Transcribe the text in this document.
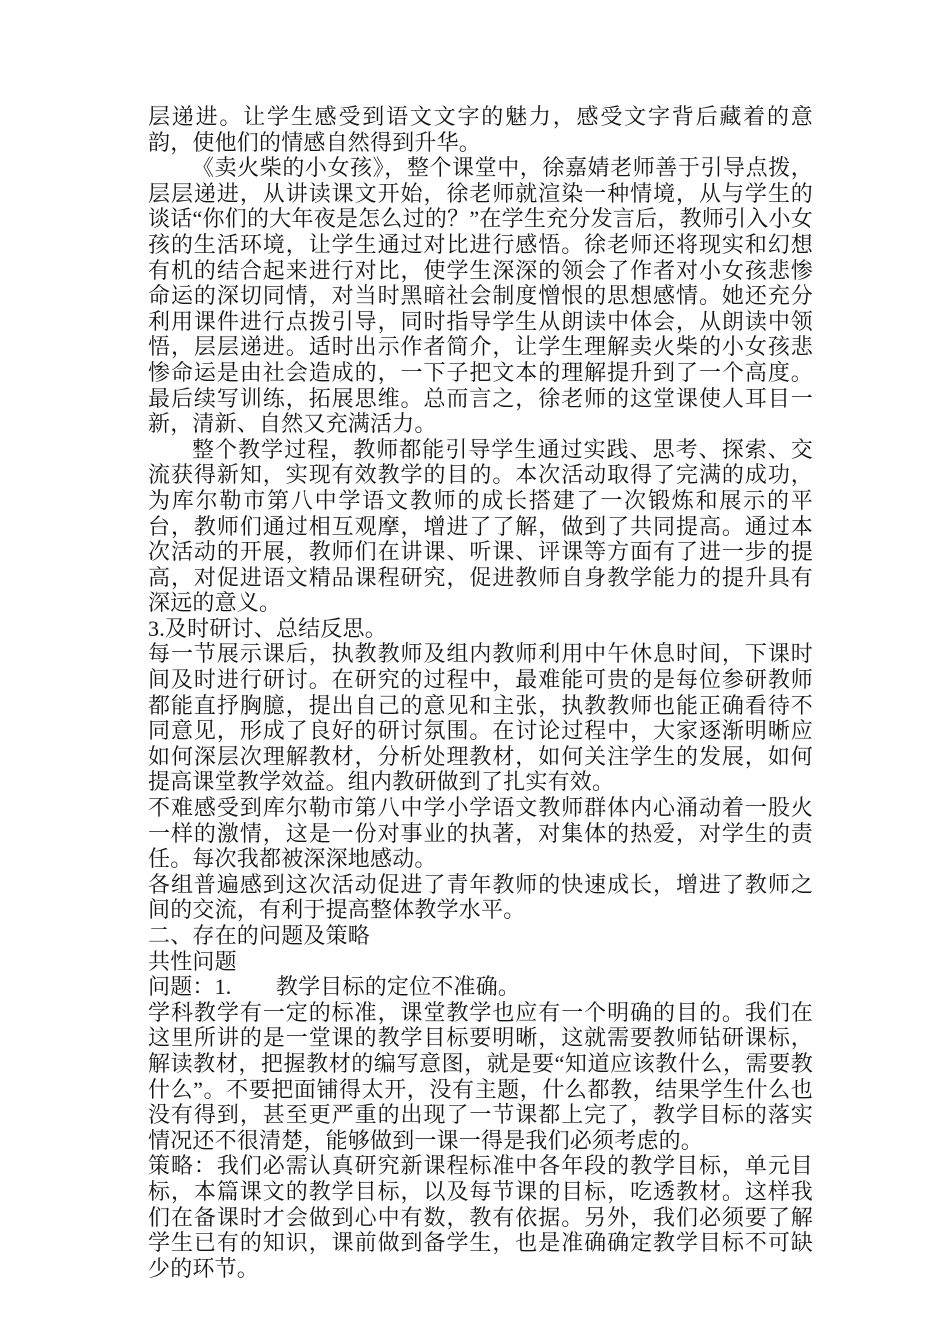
层递进。让学生感受到语文文字的魅力，感受文字背后藏着的意韵，使他们的情感自然得到升华。

《卖火柴的小女孩》，整个课堂中，徐嘉婧老师善于引导点拨，层层递进，从讲读课文开始，徐老师就渲染一种情境，从与学生的谈话“你们的大年夜是怎么过的？”在学生充分发言后，教师引入小女孩的生活环境，让学生通过对比进行感悟。徐老师还将现实和幻想有机的结合起来进行对比，使学生深深的领会了作者对小女孩悲惨命运的深切同情，对当时黑暗社会制度憎恨的思想感情。她还充分利用课件进行点拨引导，同时指导学生从朗读中体会，从朗读中领悟，层层递进。适时出示作者简介，让学生理解卖火柴的小女孩悲惨命运是由社会造成的，一下子把文本的理解提升到了一个高度。最后续写训练，拓展思维。总而言之，徐老师的这堂课使人耳目一新，清新、自然又充满活力。

整个教学过程，教师都能引导学生通过实践、思考、探索、交流获得新知，实现有效教学的目的。本次活动取得了完满的成功，为库尔勒市第八中学语文教师的成长搭建了一次锻炼和展示的平台，教师们通过相互观摩，增进了了解，做到了共同提高。通过本次活动的开展，教师们在讲课、听课、评课等方面有了进一步的提高，对促进语文精品课程研究，促进教师自身教学能力的提升具有深远的意义。

3.及时研讨、总结反思。

每一节展示课后，执教教师及组内教师利用中午休息时间，下课时间及时进行研讨。在研究的过程中，最难能可贵的是每位参研教师都能直抒胸臆，提出自己的意见和主张，执教教师也能正确看待不同意见，形成了良好的研讨氛围。在讨论过程中，大家逐渐明晰应如何深层次理解教材，分析处理教材，如何关注学生的发展，如何提高课堂教学效益。组内教研做到了扎实有效。

不难感受到库尔勒市第八中学小学语文教师群体内心涌动着一股火一样的激情，这是一份对事业的执著，对集体的热爱，对学生的责任。每次我都被深深地感动。

各组普遍感到这次活动促进了青年教师的快速成长，增进了教师之间的交流，有利于提高整体教学水平。

二、存在的问题及策略

共性问题

问题：1.　　教学目标的定位不准确。

学科教学有一定的标准，课堂教学也应有一个明确的目的。我们在这里所讲的是一堂课的教学目标要明晰，这就需要教师钻研课标，解读教材，把握教材的编写意图，就是要“知道应该教什么，需要教什么”。不要把面铺得太开，没有主题，什么都教，结果学生什么也没有得到，甚至更严重的出现了一节课都上完了，教学目标的落实情况还不很清楚，能够做到一课一得是我们必须考虑的。

策略：我们必需认真研究新课程标准中各年段的教学目标，单元目标，本篇课文的教学目标，以及每节课的目标，吃透教材。这样我们在备课时才会做到心中有数，教有依据。另外，我们必须要了解学生已有的知识，课前做到备学生，也是准确确定教学目标不可缺少的环节。
